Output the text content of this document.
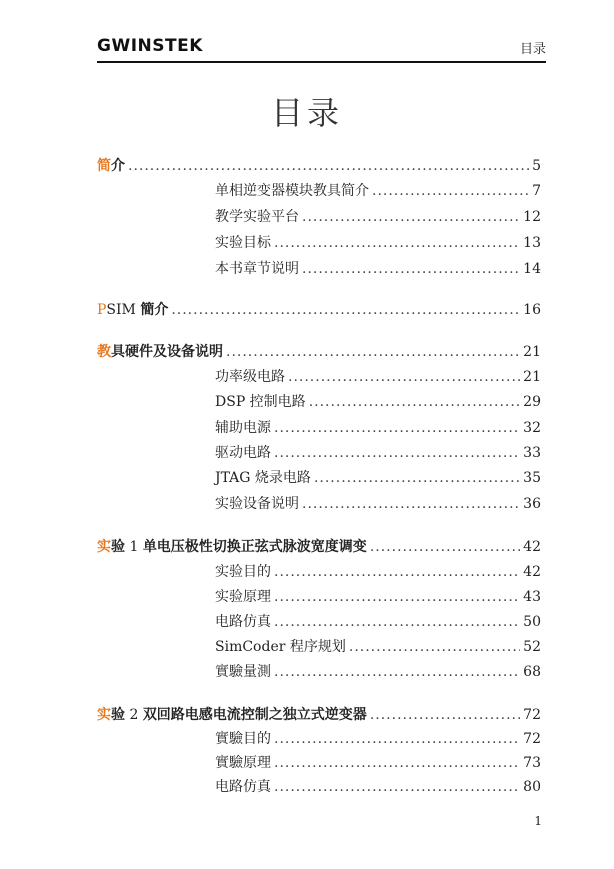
GWINSTEK	目录
目录
简介 .....	5
单相逆变器模块教具简介 .....	7
教学实验平台 .....	12
实验目标 .....	13
本书章节说明 .....	14
PSIM 簡介 .....	16
教具硬件及设备说明 .....	21
功率级电路 .....	21
DSP 控制电路 .....	29
辅助电源 .....	32
驱动电路 .....	33
JTAG 烧录电路 .....	35
实验设备说明 .....	36
实验 1 单电压极性切换正弦式脉波宽度调变 .....	42
实验目的 .....	42
实验原理 .....	43
电路仿真 .....	50
SimCoder 程序规划 .....	52
實驗量測 .....	68
实验 2 双回路电感电流控制之独立式逆变器 .....	72
實驗目的 .....	72
實驗原理 .....	73
电路仿真 .....	80
1
